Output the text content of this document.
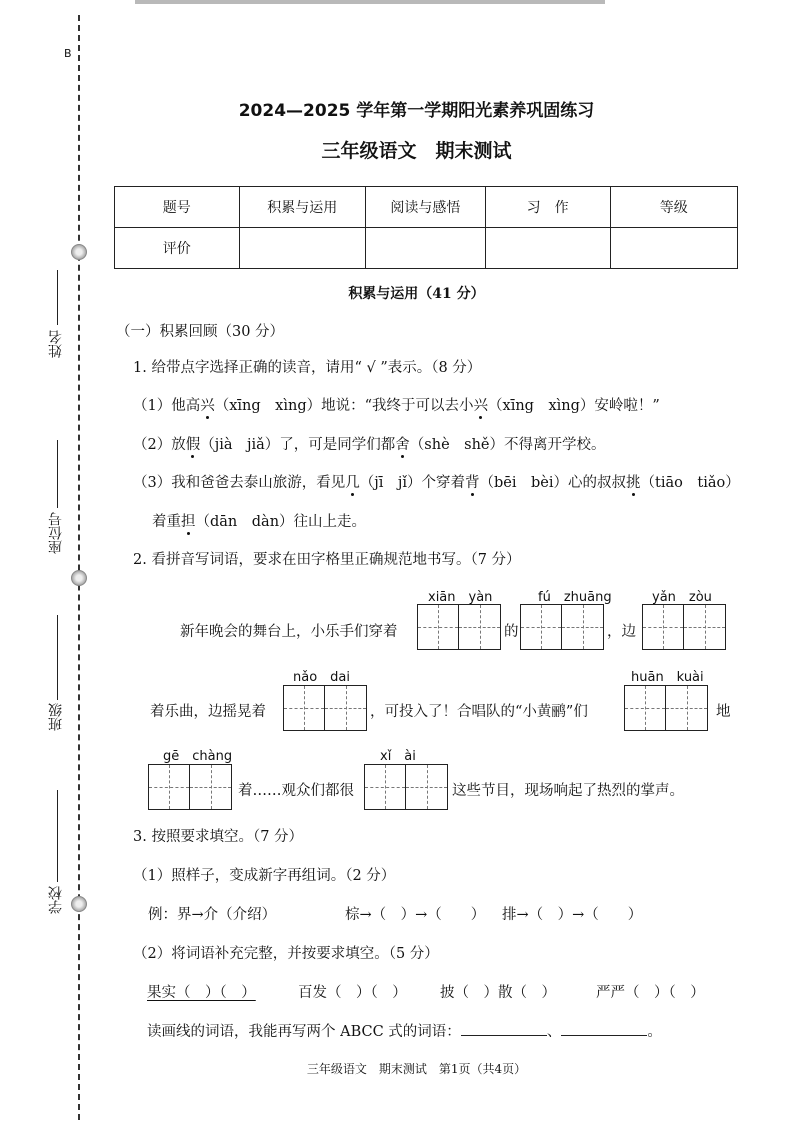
B
姓名
座位号
班级
学校
2024—2025 学年第一学期阳光素养巩固练习
三年级语文　期末测试
题号	积累与运用	阅读与感悟	习　作	等级
评价				
积累与运用（41 分）
（一）积累回顾（30 分）
1. 给带点字选择正确的读音，请用“ √ ”表示。（8 分）
（1）他高兴（xīng　xìng）地说：“我终于可以去小兴（xīng　xìng）安岭啦！”
（2）放假（jià　jiǎ）了，可是同学们都舍（shè　shě）不得离开学校。
（3）我和爸爸去泰山旅游，看见几（jī　jǐ）个穿着背（bēi　bèi）心的叔叔挑（tiāo　tiǎo）
着重担（dān　dàn）往山上走。
2. 看拼音写词语，要求在田字格里正确规范地书写。（7 分）
xiān　yàn	fú　zhuāng	yǎn　zòu
新年晚会的舞台上，小乐手们穿着	的	，边
nǎo　dai	huān　kuài
着乐曲，边摇晃着	，可投入了！合唱队的“小黄鹂”们	地
gē　chàng	xǐ　ài
着……观众们都很	这些节目，现场响起了热烈的掌声。
3. 按照要求填空。（7 分）
（1）照样子，变成新字再组词。（2 分）
例：界→介（介绍）	棕→（　）→（　　） 排→（　）→（　　）
（2）将词语补充完整，并按要求填空。（5 分）
果实（　）（　）	百发（　）（　） 披（　）散（　）	严严（　）（　）
读画线的词语，我能再写两个 ABCC 式的词语：	、	。
三年级语文　期末测试　第1页（共4页）
